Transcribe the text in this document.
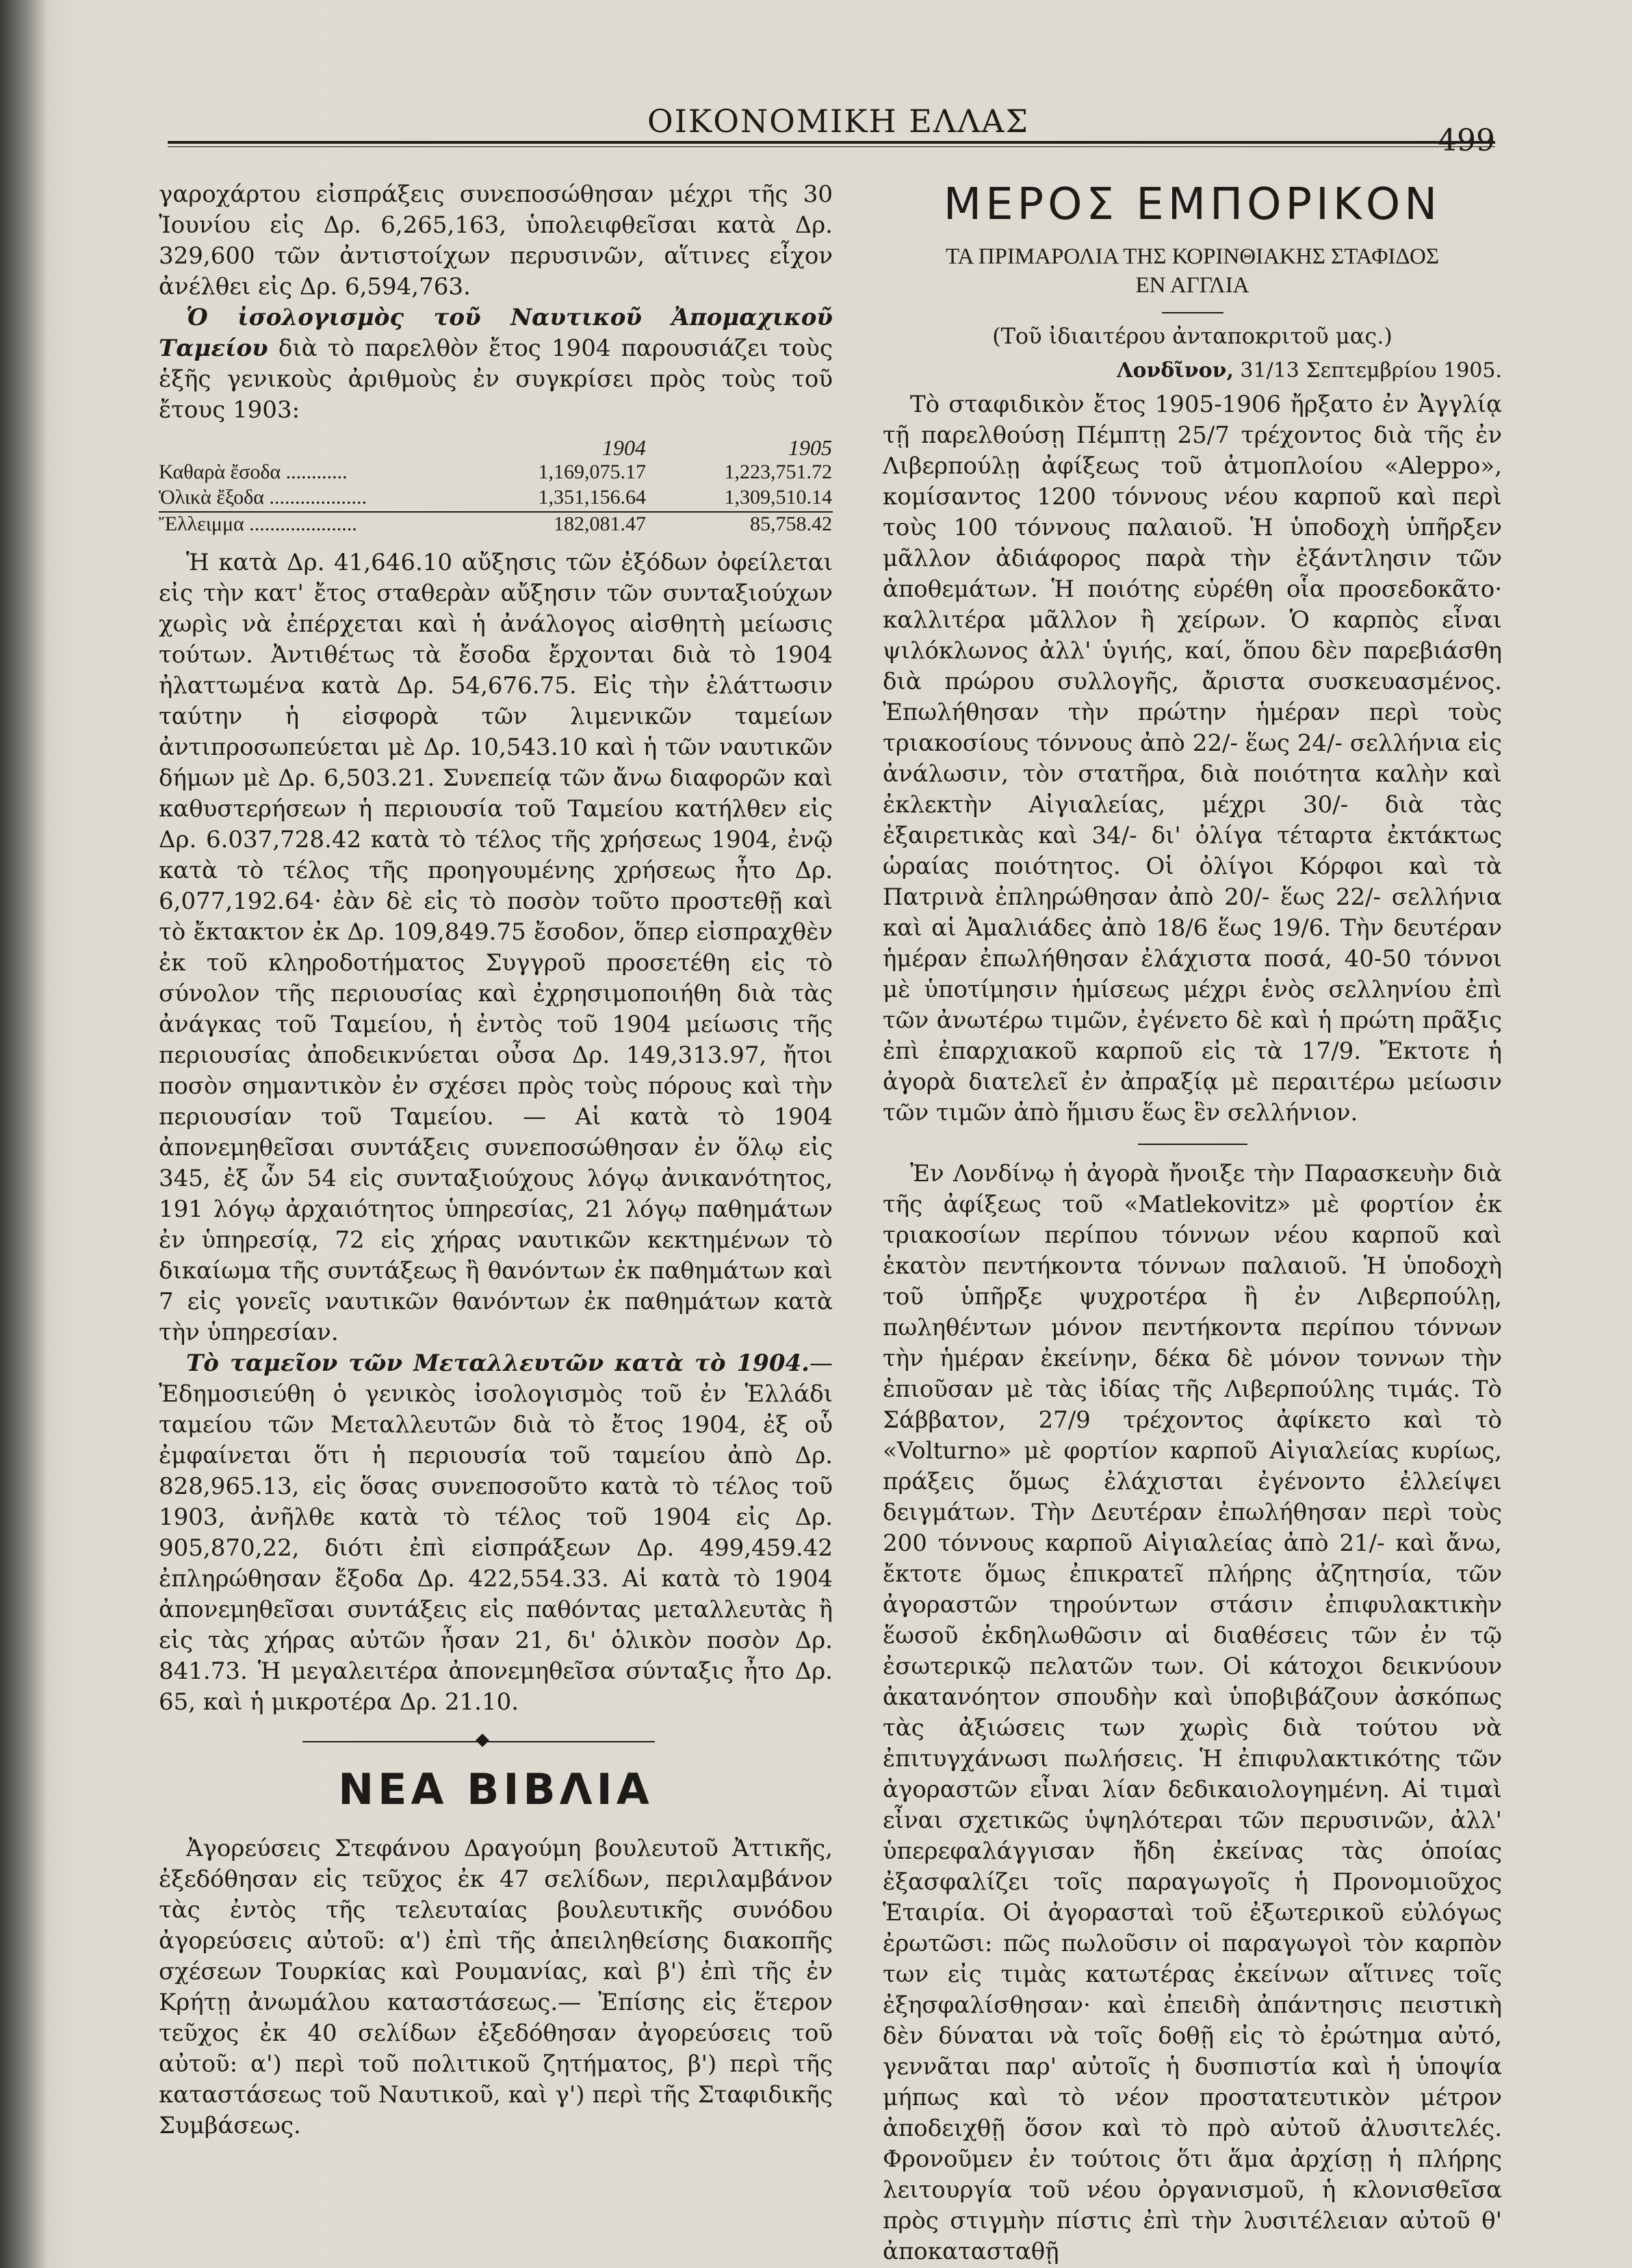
ΟΙΚΟΝΟΜΙΚΗ ΕΛΛΑΣ
499

γαροχάρτου εἰσπράξεις συνεποσώθησαν μέχρι τῆς 30 Ἰουνίου εἰς Δρ. 6,265,163, ὑπολειφθεῖσαι κατὰ Δρ. 329,600 τῶν ἀντιστοίχων περυσινῶν, αἵτινες εἶχον ἀνέλθει εἰς Δρ. 6,594,763.

Ὁ ἰσολογισμὸς τοῦ Ναυτικοῦ Ἀπομαχικοῦ Ταμείου διὰ τὸ παρελθὸν ἔτος 1904 παρουσιάζει τοὺς ἑξῆς γενικοὺς ἀριθμοὺς ἐν συγκρίσει πρὸς τοὺς τοῦ ἔτους 1903:

1904	1905
Καθαρὰ ἔσοδα ............	1,169,075.17	1,223,751.72
Ὁλικὰ ἔξοδα ...................	1,351,156.64	1,309,510.14
Ἔλλειμμα .....................	182,081.47	85,758.42

Ἡ κατὰ Δρ. 41,646.10 αὔξησις τῶν ἐξόδων ὀφείλεται εἰς τὴν κατ' ἔτος σταθερὰν αὔξησιν τῶν συνταξιούχων χωρὶς νὰ ἐπέρχεται καὶ ἡ ἀνάλογος αἰσθητὴ μείωσις τούτων. Ἀντιθέτως τὰ ἔσοδα ἔρχονται διὰ τὸ 1904 ἠλαττωμένα κατὰ Δρ. 54,676.75. Εἰς τὴν ἐλάττωσιν ταύτην ἡ εἰσφορὰ τῶν λιμενικῶν ταμείων ἀντιπροσωπεύεται μὲ Δρ. 10,543.10 καὶ ἡ τῶν ναυτικῶν δήμων μὲ Δρ. 6,503.21. Συνεπείᾳ τῶν ἄνω διαφορῶν καὶ καθυστερήσεων ἡ περιουσία τοῦ Ταμείου κατήλθεν εἰς Δρ. 6.037,728.42 κατὰ τὸ τέλος τῆς χρήσεως 1904, ἐνῷ κατὰ τὸ τέλος τῆς προηγουμένης χρήσεως ἦτο Δρ. 6,077,192.64· ἐὰν δὲ εἰς τὸ ποσὸν τοῦτο προστεθῇ καὶ τὸ ἔκτακτον ἐκ Δρ. 109,849.75 ἔσοδον, ὅπερ εἰσπραχθὲν ἐκ τοῦ κληροδοτήματος Συγγροῦ προσετέθη εἰς τὸ σύνολον τῆς περιουσίας καὶ ἐχρησιμοποιήθη διὰ τὰς ἀνάγκας τοῦ Ταμείου, ἡ ἐντὸς τοῦ 1904 μείωσις τῆς περιουσίας ἀποδεικνύεται οὖσα Δρ. 149,313.97, ἤτοι ποσὸν σημαντικὸν ἐν σχέσει πρὸς τοὺς πόρους καὶ τὴν περιουσίαν τοῦ Ταμείου. — Αἱ κατὰ τὸ 1904 ἀπονεμηθεῖσαι συντάξεις συνεποσώθησαν ἐν ὅλῳ εἰς 345, ἐξ ὧν 54 εἰς συνταξιούχους λόγῳ ἀνικανότητος, 191 λόγῳ ἀρχαιότητος ὑπηρεσίας, 21 λόγῳ παθημάτων ἐν ὑπηρεσίᾳ, 72 εἰς χήρας ναυτικῶν κεκτημένων τὸ δικαίωμα τῆς συντάξεως ἢ θανόντων ἐκ παθημάτων καὶ 7 εἰς γονεῖς ναυτικῶν θανόντων ἐκ παθημάτων κατὰ τὴν ὑπηρεσίαν.

Τὸ ταμεῖον τῶν Μεταλλευτῶν κατὰ τὸ 1904.— Ἐδημοσιεύθη ὁ γενικὸς ἰσολογισμὸς τοῦ ἐν Ἑλλάδι ταμείου τῶν Μεταλλευτῶν διὰ τὸ ἔτος 1904, ἐξ οὗ ἐμφαίνεται ὅτι ἡ περιουσία τοῦ ταμείου ἀπὸ Δρ. 828,965.13, εἰς ὅσας συνεποσοῦτο κατὰ τὸ τέλος τοῦ 1903, ἀνῆλθε κατὰ τὸ τέλος τοῦ 1904 εἰς Δρ. 905,870,22, διότι ἐπὶ εἰσπράξεων Δρ. 499,459.42 ἐπληρώθησαν ἔξοδα Δρ. 422,554.33. Αἱ κατὰ τὸ 1904 ἀπονεμηθεῖσαι συντάξεις εἰς παθόντας μεταλλευτὰς ἢ εἰς τὰς χήρας αὐτῶν ἦσαν 21, δι' ὁλικὸν ποσὸν Δρ. 841.73. Ἡ μεγαλειτέρα ἀπονεμηθεῖσα σύνταξις ἦτο Δρ. 65, καὶ ἡ μικροτέρα Δρ. 21.10.

ΝΕΑ ΒΙΒΛΙΑ

Ἀγορεύσεις Στεφάνου Δραγούμη βουλευτοῦ Ἀττικῆς, ἐξεδόθησαν εἰς τεῦχος ἐκ 47 σελίδων, περιλαμβάνον τὰς ἐντὸς τῆς τελευταίας βουλευτικῆς συνόδου ἀγορεύσεις αὐτοῦ: α') ἐπὶ τῆς ἀπειληθείσης διακοπῆς σχέσεων Τουρκίας καὶ Ρουμανίας, καὶ β') ἐπὶ τῆς ἐν Κρήτῃ ἀνωμάλου καταστάσεως.— Ἐπίσης εἰς ἕτερον τεῦχος ἐκ 40 σελίδων ἐξεδόθησαν ἀγορεύσεις τοῦ αὐτοῦ: α') περὶ τοῦ πολιτικοῦ ζητήματος, β') περὶ τῆς καταστάσεως τοῦ Ναυτικοῦ, καὶ γ') περὶ τῆς Σταφιδικῆς Συμβάσεως.

ΜΕΡΟΣ ΕΜΠΟΡΙΚΟΝ

ΤΑ ΠΡΙΜΑΡΟΛΙΑ ΤΗΣ ΚΟΡΙΝΘΙΑΚΗΣ ΣΤΑΦΙΔΟΣ

ΕΝ ΑΓΓΛΙΑ

(Τοῦ ἰδιαιτέρου ἀνταποκριτοῦ μας.)

Λονδῖνον, 31/13 Σεπτεμβρίου 1905.

Τὸ σταφιδικὸν ἔτος 1905-1906 ἤρξατο ἐν Ἀγγλίᾳ τῇ παρελθούσῃ Πέμπτῃ 25/7 τρέχοντος διὰ τῆς ἐν Λιβερπούλῃ ἀφίξεως τοῦ ἀτμοπλοίου «Aleppo», κομίσαντος 1200 τόννους νέου καρποῦ καὶ περὶ τοὺς 100 τόννους παλαιοῦ. Ἡ ὑποδοχὴ ὑπῆρξεν μᾶλλον ἀδιάφορος παρὰ τὴν ἐξάντλησιν τῶν ἀποθεμάτων. Ἡ ποιότης εὑρέθη οἷα προσεδοκᾶτο· καλλιτέρα μᾶλλον ἢ χείρων. Ὁ καρπὸς εἶναι ψιλόκλωνος ἀλλ' ὑγιής, καί, ὅπου δὲν παρεβιάσθη διὰ πρώρου συλλογῆς, ἄριστα συσκευασμένος. Ἐπωλήθησαν τὴν πρώτην ἡμέραν περὶ τοὺς τριακοσίους τόννους ἀπὸ 22/- ἕως 24/- σελλήνια εἰς ἀνάλωσιν, τὸν στατῆρα, διὰ ποιότητα καλὴν καὶ ἐκλεκτὴν Αἰγιαλείας, μέχρι 30/- διὰ τὰς ἐξαιρετικὰς καὶ 34/- δι' ὀλίγα τέταρτα ἐκτάκτως ὡραίας ποιότητος. Οἱ ὀλίγοι Κόρφοι καὶ τὰ Πατρινὰ ἐπληρώθησαν ἀπὸ 20/- ἕως 22/- σελλήνια καὶ αἱ Ἀμαλιάδες ἀπὸ 18/6 ἕως 19/6. Τὴν δευτέραν ἡμέραν ἐπωλήθησαν ἐλάχιστα ποσά, 40-50 τόννοι μὲ ὑποτίμησιν ἡμίσεως μέχρι ἑνὸς σελληνίου ἐπὶ τῶν ἀνωτέρω τιμῶν, ἐγένετο δὲ καὶ ἡ πρώτη πρᾶξις ἐπὶ ἐπαρχιακοῦ καρποῦ εἰς τὰ 17/9. Ἔκτοτε ἡ ἀγορὰ διατελεῖ ἐν ἀπραξίᾳ μὲ περαιτέρω μείωσιν τῶν τιμῶν ἀπὸ ἥμισυ ἕως ἓν σελλήνιον.

Ἐν Λονδίνῳ ἡ ἀγορὰ ἤνοιξε τὴν Παρασκευὴν διὰ τῆς ἀφίξεως τοῦ «Matlekovitz» μὲ φορτίον ἐκ τριακοσίων περίπου τόννων νέου καρποῦ καὶ ἑκατὸν πεντήκοντα τόννων παλαιοῦ. Ἡ ὑποδοχὴ τοῦ ὑπῆρξε ψυχροτέρα ἢ ἐν Λιβερπούλῃ, πωληθέντων μόνον πεντήκοντα περίπου τόννων τὴν ἡμέραν ἐκείνην, δέκα δὲ μόνον τοννων τὴν ἐπιοῦσαν μὲ τὰς ἰδίας τῆς Λιβερπούλης τιμάς. Τὸ Σάββατον, 27/9 τρέχοντος ἀφίκετο καὶ τὸ «Volturno» μὲ φορτίον καρποῦ Αἰγιαλείας κυρίως, πράξεις ὅμως ἐλάχισται ἐγένοντο ἐλλείψει δειγμάτων. Τὴν Δευτέραν ἐπωλήθησαν περὶ τοὺς 200 τόννους καρποῦ Αἰγιαλείας ἀπὸ 21/- καὶ ἄνω, ἔκτοτε ὅμως ἐπικρατεῖ πλήρης ἀζητησία, τῶν ἀγοραστῶν τηρούντων στάσιν ἐπιφυλακτικὴν ἕωσοῦ ἐκδηλωθῶσιν αἱ διαθέσεις τῶν ἐν τῷ ἐσωτερικῷ πελατῶν των. Οἱ κάτοχοι δεικνύουν ἀκατανόητον σπουδὴν καὶ ὑποβιβάζουν ἀσκόπως τὰς ἀξιώσεις των χωρὶς διὰ τούτου νὰ ἐπιτυγχάνωσι πωλήσεις. Ἡ ἐπιφυλακτικότης τῶν ἀγοραστῶν εἶναι λίαν δεδικαιολογημένη. Αἱ τιμαὶ εἶναι σχετικῶς ὑψηλότεραι τῶν περυσινῶν, ἀλλ' ὑπερεφαλάγγισαν ἤδη ἐκείνας τὰς ὁποίας ἐξασφαλίζει τοῖς παραγωγοῖς ἡ Προνομιοῦχος Ἑταιρία. Οἱ ἀγορασταὶ τοῦ ἐξωτερικοῦ εὐλόγως ἐρωτῶσι: πῶς πωλοῦσιν οἱ παραγωγοὶ τὸν καρπὸν των εἰς τιμὰς κατωτέρας ἐκείνων αἵτινες τοῖς ἐξησφαλίσθησαν· καὶ ἐπειδὴ ἀπάντησις πειστικὴ δὲν δύναται νὰ τοῖς δοθῇ εἰς τὸ ἐρώτημα αὐτό, γεννᾶται παρ' αὐτοῖς ἡ δυσπιστία καὶ ἡ ὑποψία μήπως καὶ τὸ νέον προστατευτικὸν μέτρον ἀποδειχθῇ ὅσον καὶ τὸ πρὸ αὐτοῦ ἀλυσιτελές. Φρονοῦμεν ἐν τούτοις ὅτι ἅμα ἀρχίσῃ ἡ πλήρης λειτουργία τοῦ νέου ὀργανισμοῦ, ἡ κλονισθεῖσα πρὸς στιγμὴν πίστις ἐπὶ τὴν λυσιτέλειαν αὐτοῦ θ' ἀποκατασταθῇ
